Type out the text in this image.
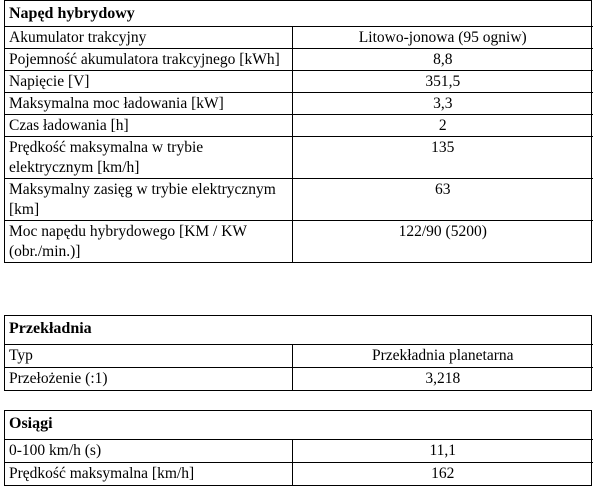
Napęd hybrydowy	
Akumulator trakcyjny	Litowo-jonowa (95 ogniw)
Pojemność akumulatora trakcyjnego [kWh]	8,8
Napięcie [V]	351,5
Maksymalna moc ładowania [kW]	3,3
Czas ładowania [h]	2
Prędkość maksymalna w trybie elektrycznym [km/h]	135
Maksymalny zasięg w trybie elektrycznym [km]	63
Moc napędu hybrydowego [KM / KW (obr./min.)]	122/90 (5200)
Przekładnia	
Typ	Przekładnia planetarna
Przełożenie (:1)	3,218
Osiągi	
0-100 km/h (s)	11,1
Prędkość maksymalna [km/h]	162
